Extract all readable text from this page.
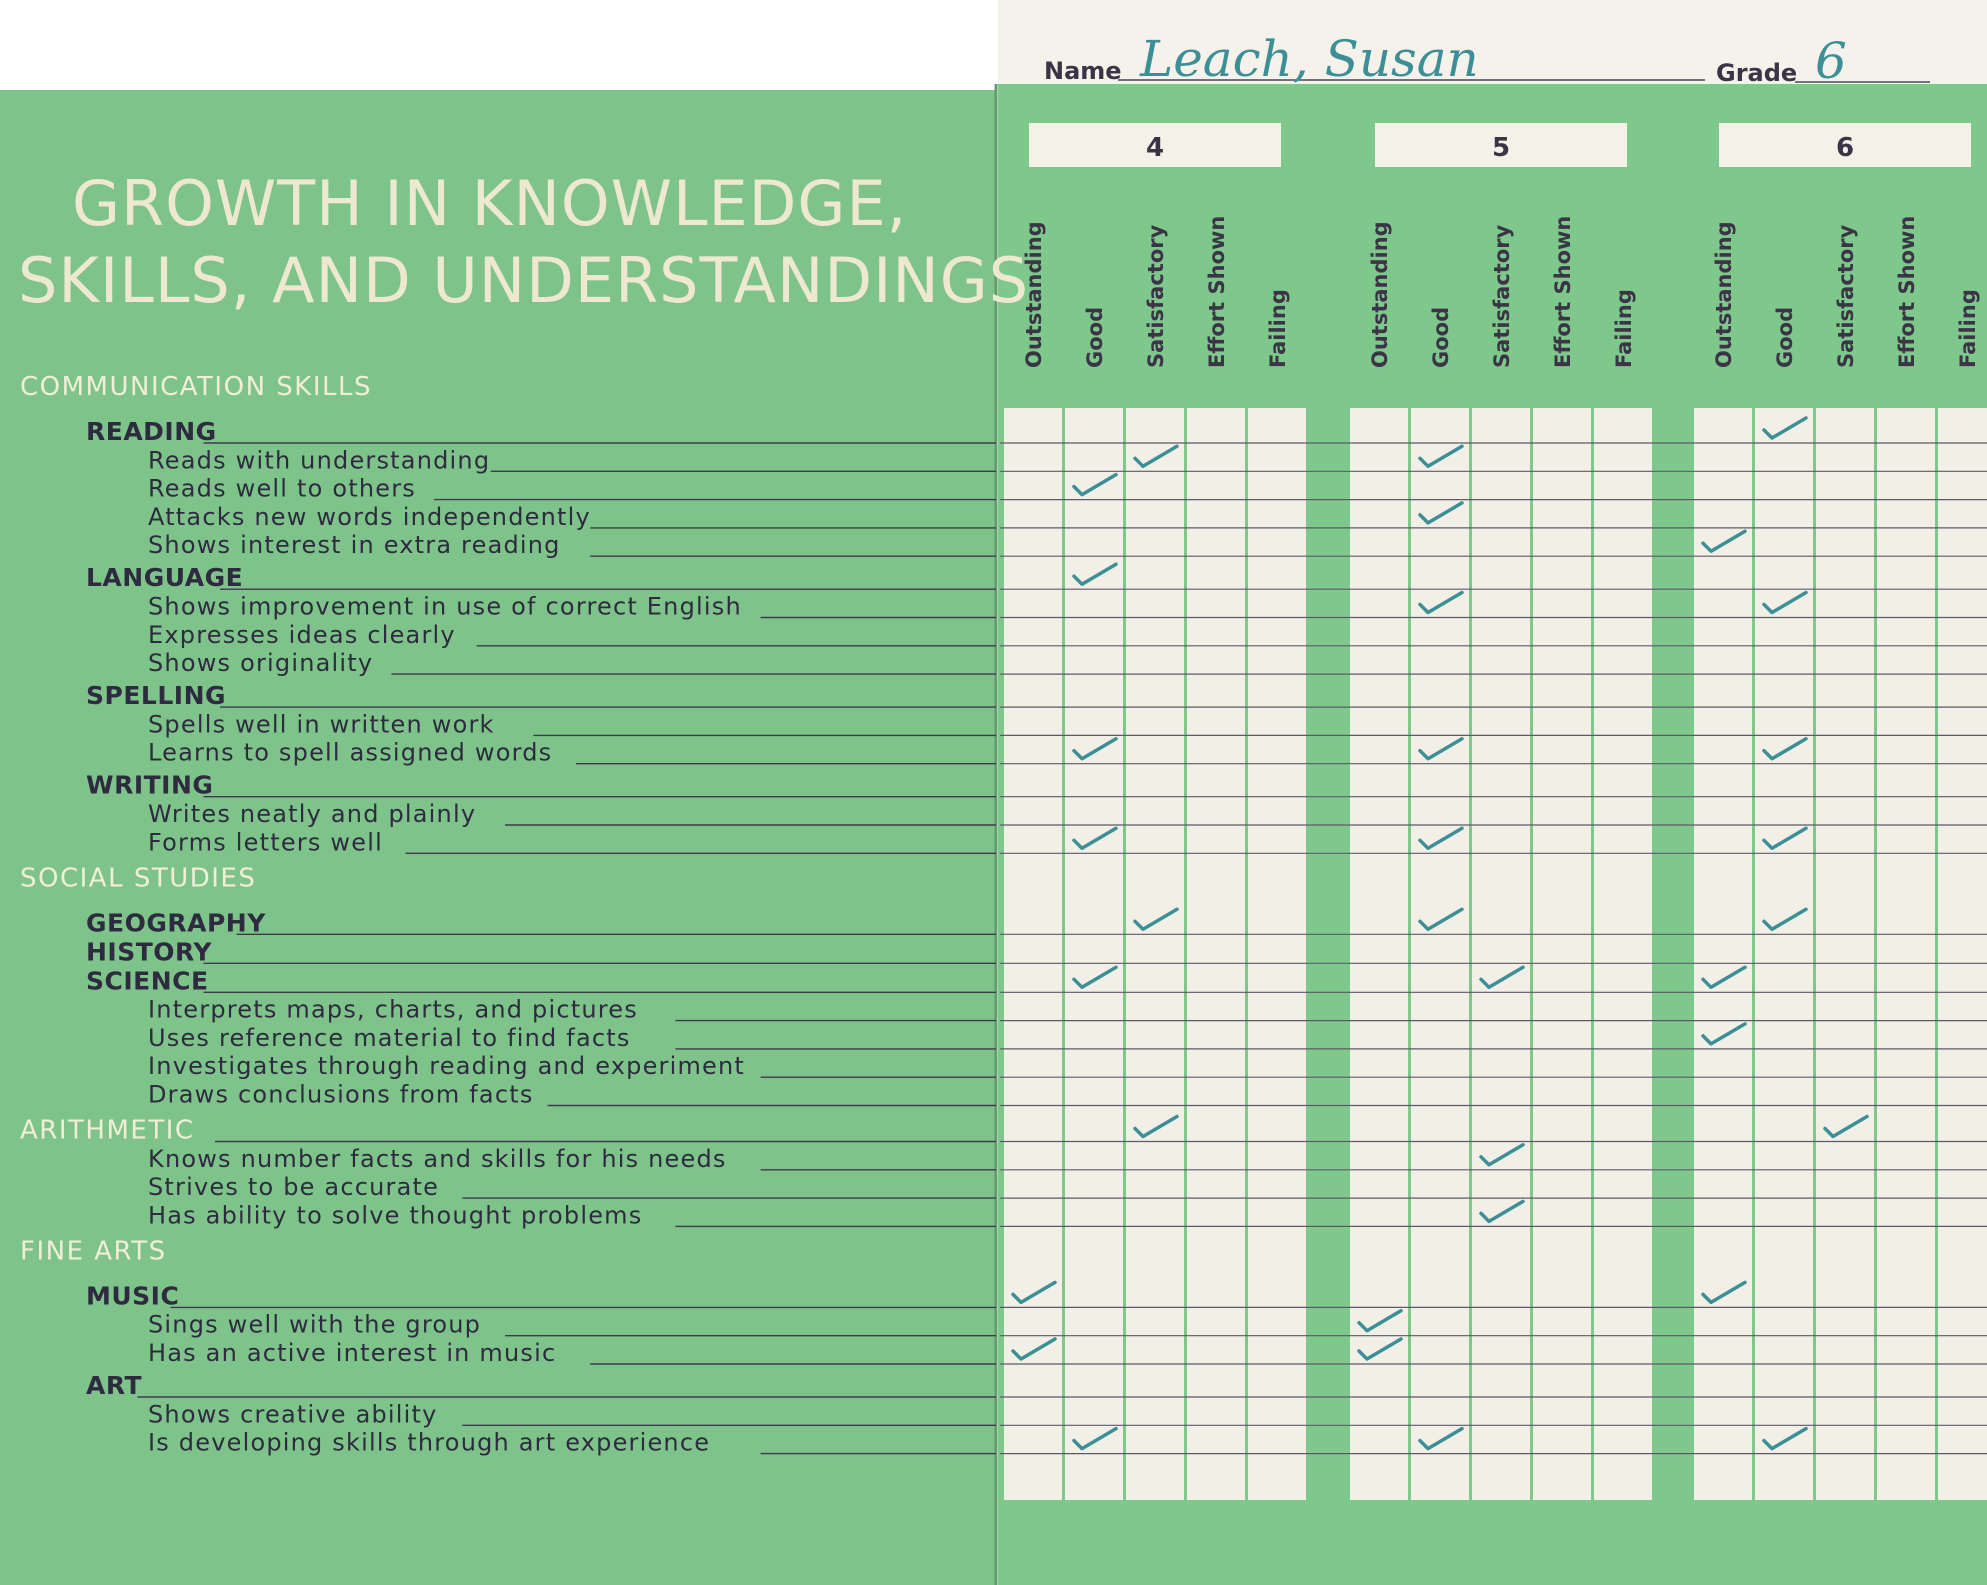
GROWTH IN KNOWLEDGE,
SKILLS, AND UNDERSTANDINGS
Name Leach, Susan	Grade 6
4
Outstanding Good Satisfactory Effort Shown Failing
5
Outstanding Good Satisfactory Effort Shown Failing
6
Outstanding Good Satisfactory Effort Shown Failing
COMMUNICATION SKILLS
READING
Reads with understanding
Reads well to others
Attacks new words independently
Shows interest in extra reading
LANGUAGE
Shows improvement in use of correct English
Expresses ideas clearly
Shows originality
SPELLING
Spells well in written work
Learns to spell assigned words
WRITING
Writes neatly and plainly
Forms letters well
SOCIAL STUDIES
GEOGRAPHY
HISTORY
SCIENCE
Interprets maps, charts, and pictures
Uses reference material to find facts
Investigates through reading and experiment
Draws conclusions from facts
ARITHMETIC
Knows number facts and skills for his needs
Strives to be accurate
Has ability to solve thought problems
FINE ARTS
MUSIC
Sings well with the group
Has an active interest in music
ART
Shows creative ability
Is developing skills through art experience
